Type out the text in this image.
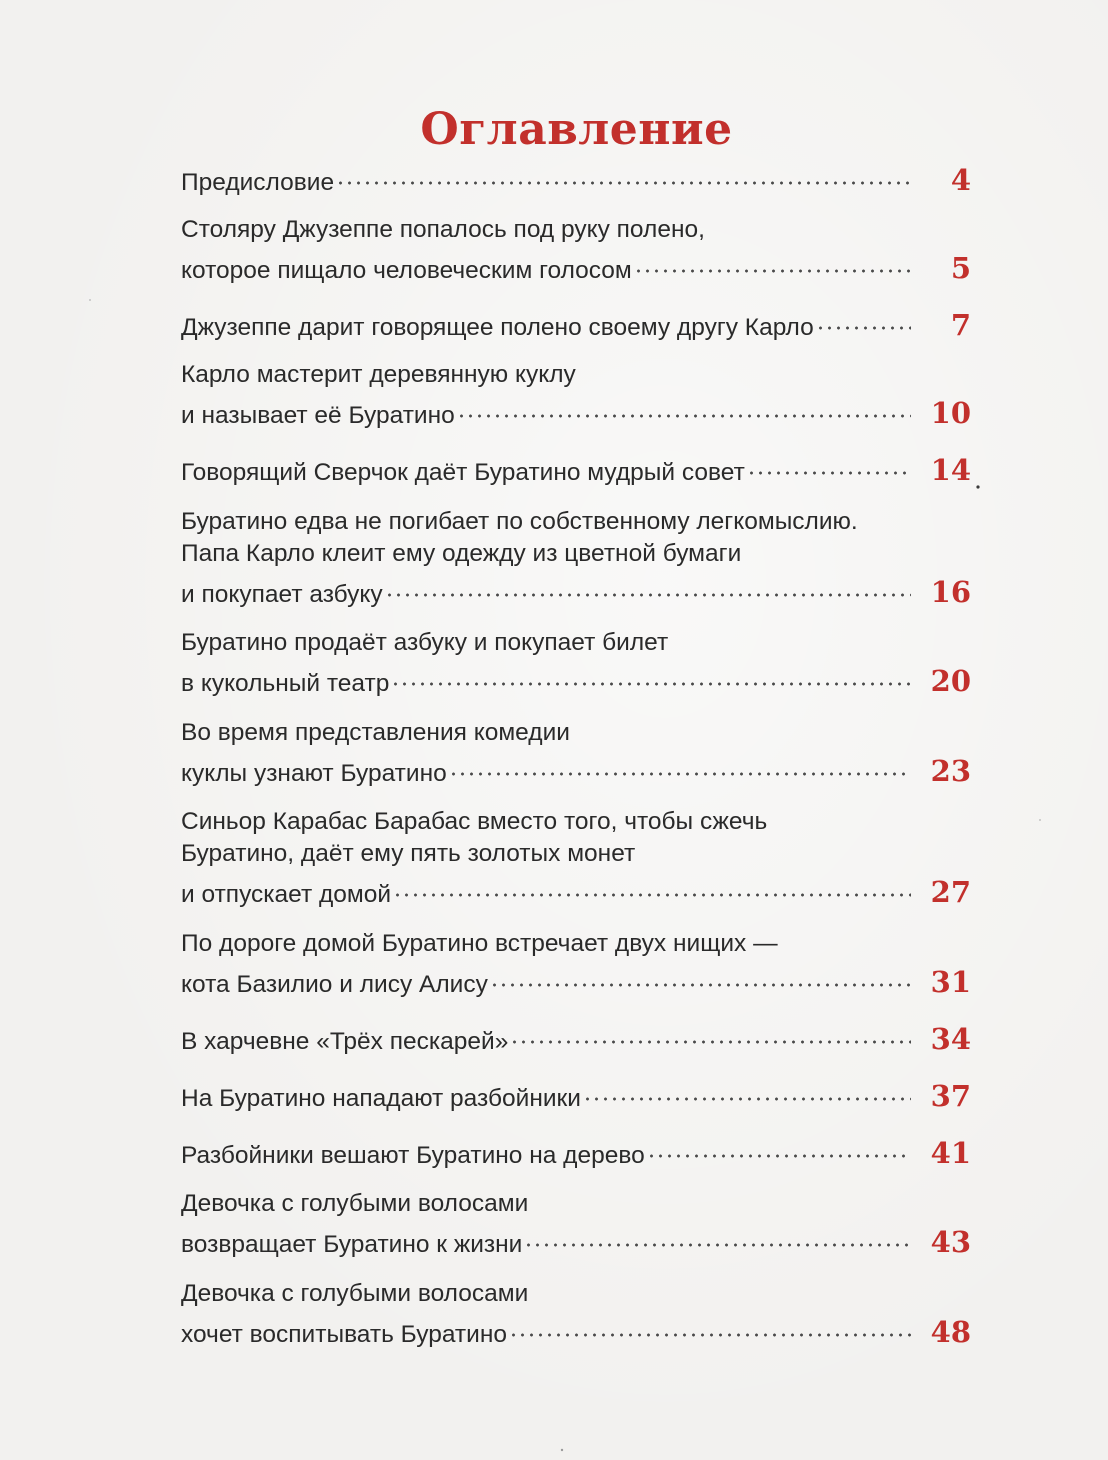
Оглавление
Предисловие	4
Столяру Джузеппе попалось под руку полено,
которое пищало человеческим голосом	5
Джузеппе дарит говорящее полено своему другу Карло	7
Карло мастерит деревянную куклу
и называет её Буратино	10
Говорящий Сверчок даёт Буратино мудрый совет	14
Буратино едва не погибает по собственному легкомыслию.
Папа Карло клеит ему одежду из цветной бумаги
и покупает азбуку	16
Буратино продаёт азбуку и покупает билет
в кукольный театр	20
Во время представления комедии
куклы узнают Буратино	23
Синьор Карабас Барабас вместо того, чтобы сжечь
Буратино, даёт ему пять золотых монет
и отпускает домой	27
По дороге домой Буратино встречает двух нищих —
кота Базилио и лису Алису	31
В харчевне «Трёх пескарей»	34
На Буратино нападают разбойники	37
Разбойники вешают Буратино на дерево	41
Девочка с голубыми волосами
возвращает Буратино к жизни	43
Девочка с голубыми волосами
хочет воспитывать Буратино	48
